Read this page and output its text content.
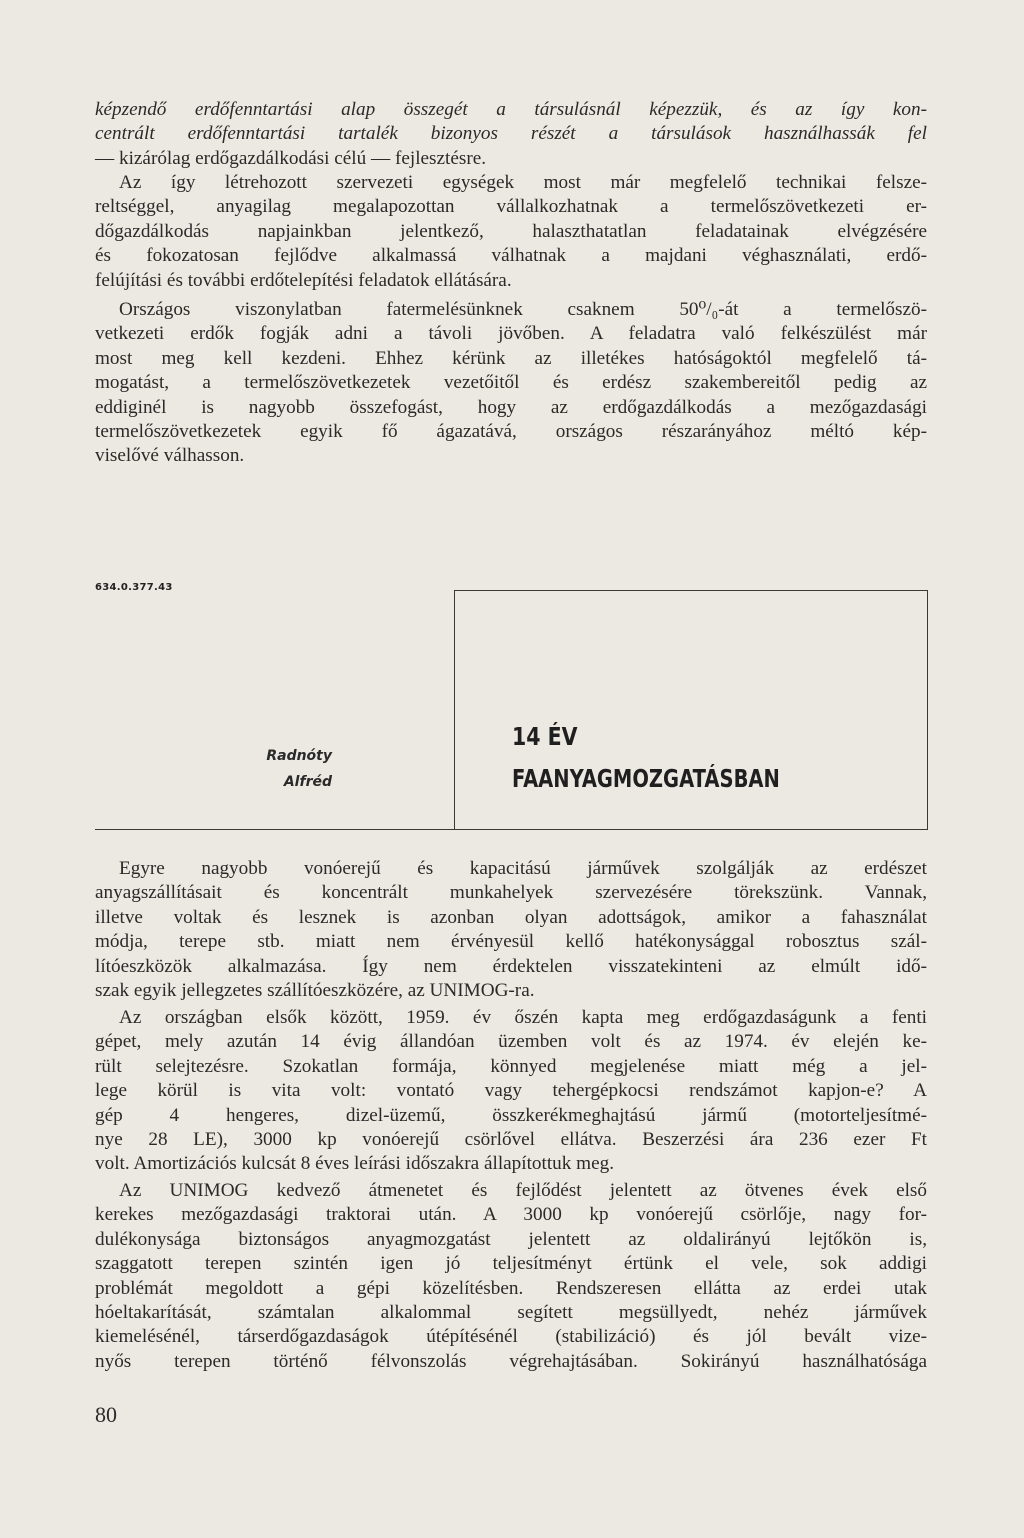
képzendő erdőfenntartási alap összegét a társulásnál képezzük, és az így kon-
centrált erdőfenntartási tartalék bizonyos részét a társulások használhassák fel
— kizárólag erdőgazdálkodási célú — fejlesztésre.
Az így létrehozott szervezeti egységek most már megfelelő technikai felsze-
reltséggel, anyagilag megalapozottan vállalkozhatnak a termelőszövetkezeti er-
dőgazdálkodás napjainkban jelentkező, halaszthatatlan feladatainak elvégzésére
és fokozatosan fejlődve alkalmassá válhatnak a majdani véghasználati, erdő-
felújítási és további erdőtelepítési feladatok ellátására.
Országos viszonylatban fatermelésünknek csaknem 50⁰/₀-át a termelőszö-
vetkezeti erdők fogják adni a távoli jövőben. A feladatra való felkészülést már
most meg kell kezdeni. Ehhez kérünk az illetékes hatóságoktól megfelelő tá-
mogatást, a termelőszövetkezetek vezetőitől és erdész szakembereitől pedig az
eddiginél is nagyobb összefogást, hogy az erdőgazdálkodás a mezőgazdasági
termelőszövetkezetek egyik fő ágazatává, országos részarányához méltó kép-
viselővé válhasson.
634.0.377.43
Radnóty
Alfréd
14 ÉV
FAANYAGMOZGATÁSBAN
Egyre nagyobb vonóerejű és kapacitású járművek szolgálják az erdészet
anyagszállításait és koncentrált munkahelyek szervezésére törekszünk. Vannak,
illetve voltak és lesznek is azonban olyan adottságok, amikor a fahasználat
módja, terepe stb. miatt nem érvényesül kellő hatékonysággal robosztus szál-
lítóeszközök alkalmazása. Így nem érdektelen visszatekinteni az elmúlt idő-
szak egyik jellegzetes szállítóeszközére, az UNIMOG-ra.
Az országban elsők között, 1959. év őszén kapta meg erdőgazdaságunk a fenti
gépet, mely azután 14 évig állandóan üzemben volt és az 1974. év elején ke-
rült selejtezésre. Szokatlan formája, könnyed megjelenése miatt még a jel-
lege körül is vita volt: vontató vagy tehergépkocsi rendszámot kapjon-e? A
gép 4 hengeres, dizel-üzemű, összkerékmeghajtású jármű (motorteljesítmé-
nye 28 LE), 3000 kp vonóerejű csörlővel ellátva. Beszerzési ára 236 ezer Ft
volt. Amortizációs kulcsát 8 éves leírási időszakra állapítottuk meg.
Az UNIMOG kedvező átmenetet és fejlődést jelentett az ötvenes évek első
kerekes mezőgazdasági traktorai után. A 3000 kp vonóerejű csörlője, nagy for-
dulékonysága biztonságos anyagmozgatást jelentett az oldalirányú lejtőkön is,
szaggatott terepen szintén igen jó teljesítményt értünk el vele, sok addigi
problémát megoldott a gépi közelítésben. Rendszeresen ellátta az erdei utak
hóeltakarítását, számtalan alkalommal segített megsüllyedt, nehéz járművek
kiemelésénél, társerdőgazdaságok útépítésénél (stabilizáció) és jól bevált vize-
nyős terepen történő félvonszolás végrehajtásában. Sokirányú használhatósága
80
